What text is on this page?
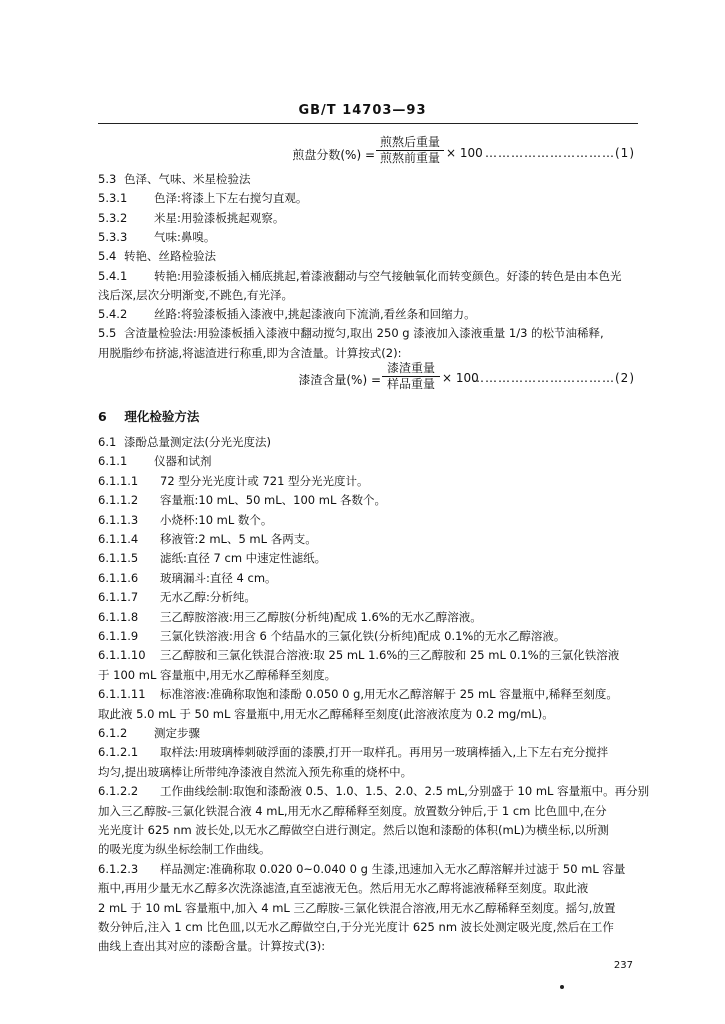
GB/T 14703—93
煎盘分数(%) =
煎熬后重量
煎熬前重量 × 100 …………………………(1)
5.3 色泽、气味、米星检验法
5.3.1 色泽:将漆上下左右搅匀直观。
5.3.2 米星:用验漆板挑起观察。
5.3.3 气味:鼻嗅。
5.4 转艳、丝路检验法
5.4.1 转艳:用验漆板插入桶底挑起,着漆液翻动与空气接触氧化而转变颜色。好漆的转色是由本色光
浅后深,层次分明渐变,不跳色,有光泽。
5.4.2 丝路:将验漆板插入漆液中,挑起漆液向下流淌,看丝条和回缩力。
5.5 含渣量检验法:用验漆板插入漆液中翻动搅匀,取出 250 g 漆液加入漆液重量 1/3 的松节油稀释,
用脱脂纱布挤滤,将滤渣进行称重,即为含渣量。计算按式(2):
漆渣含量(%) =
漆渣重量
样品重量 × 100
……………………………(2)
6 理化检验方法
6.1 漆酚总量测定法(分光光度法)
6.1.1 仪器和试剂
6.1.1.1 72 型分光光度计或 721 型分光光度计。
6.1.1.2 容量瓶:10 mL、50 mL、100 mL 各数个。
6.1.1.3 小烧杯:10 mL 数个。
6.1.1.4 移液管:2 mL、5 mL 各两支。
6.1.1.5 滤纸:直径 7 cm 中速定性滤纸。
6.1.1.6 玻璃漏斗:直径 4 cm。
6.1.1.7 无水乙醇:分析纯。
6.1.1.8 三乙醇胺溶液:用三乙醇胺(分析纯)配成 1.6%的无水乙醇溶液。
6.1.1.9 三氯化铁溶液:用含 6 个结晶水的三氯化铁(分析纯)配成 0.1%的无水乙醇溶液。
6.1.1.10 三乙醇胺和三氯化铁混合溶液:取 25 mL 1.6%的三乙醇胺和 25 mL 0.1%的三氯化铁溶液
于 100 mL 容量瓶中,用无水乙醇稀释至刻度。
6.1.1.11 标准溶液:准确称取饱和漆酚 0.050 0 g,用无水乙醇溶解于 25 mL 容量瓶中,稀释至刻度。
取此液 5.0 mL 于 50 mL 容量瓶中,用无水乙醇稀释至刻度(此溶液浓度为 0.2 mg/mL)。
6.1.2 测定步骤
6.1.2.1 取样法:用玻璃棒刺破浮面的漆膜,打开一取样孔。再用另一玻璃棒插入,上下左右充分搅拌
均匀,提出玻璃棒让所带纯净漆液自然流入预先称重的烧杯中。
6.1.2.2 工作曲线绘制:取饱和漆酚液 0.5、1.0、1.5、2.0、2.5 mL,分别盛于 10 mL 容量瓶中。再分别
加入三乙醇胺-三氯化铁混合液 4 mL,用无水乙醇稀释至刻度。放置数分钟后,于 1 cm 比色皿中,在分
光光度计 625 nm 波长处,以无水乙醇做空白进行测定。然后以饱和漆酚的体积(mL)为横坐标,以所测
的吸光度为纵坐标绘制工作曲线。
6.1.2.3 样品测定:准确称取 0.020 0~0.040 0 g 生漆,迅速加入无水乙醇溶解并过滤于 50 mL 容量
瓶中,再用少量无水乙醇多次洗涤滤渣,直至滤液无色。然后用无水乙醇将滤液稀释至刻度。取此液
2 mL 于 10 mL 容量瓶中,加入 4 mL 三乙醇胺-三氯化铁混合溶液,用无水乙醇稀释至刻度。摇匀,放置
数分钟后,注入 1 cm 比色皿,以无水乙醇做空白,于分光光度计 625 nm 波长处测定吸光度,然后在工作
曲线上查出其对应的漆酚含量。计算按式(3):
237
